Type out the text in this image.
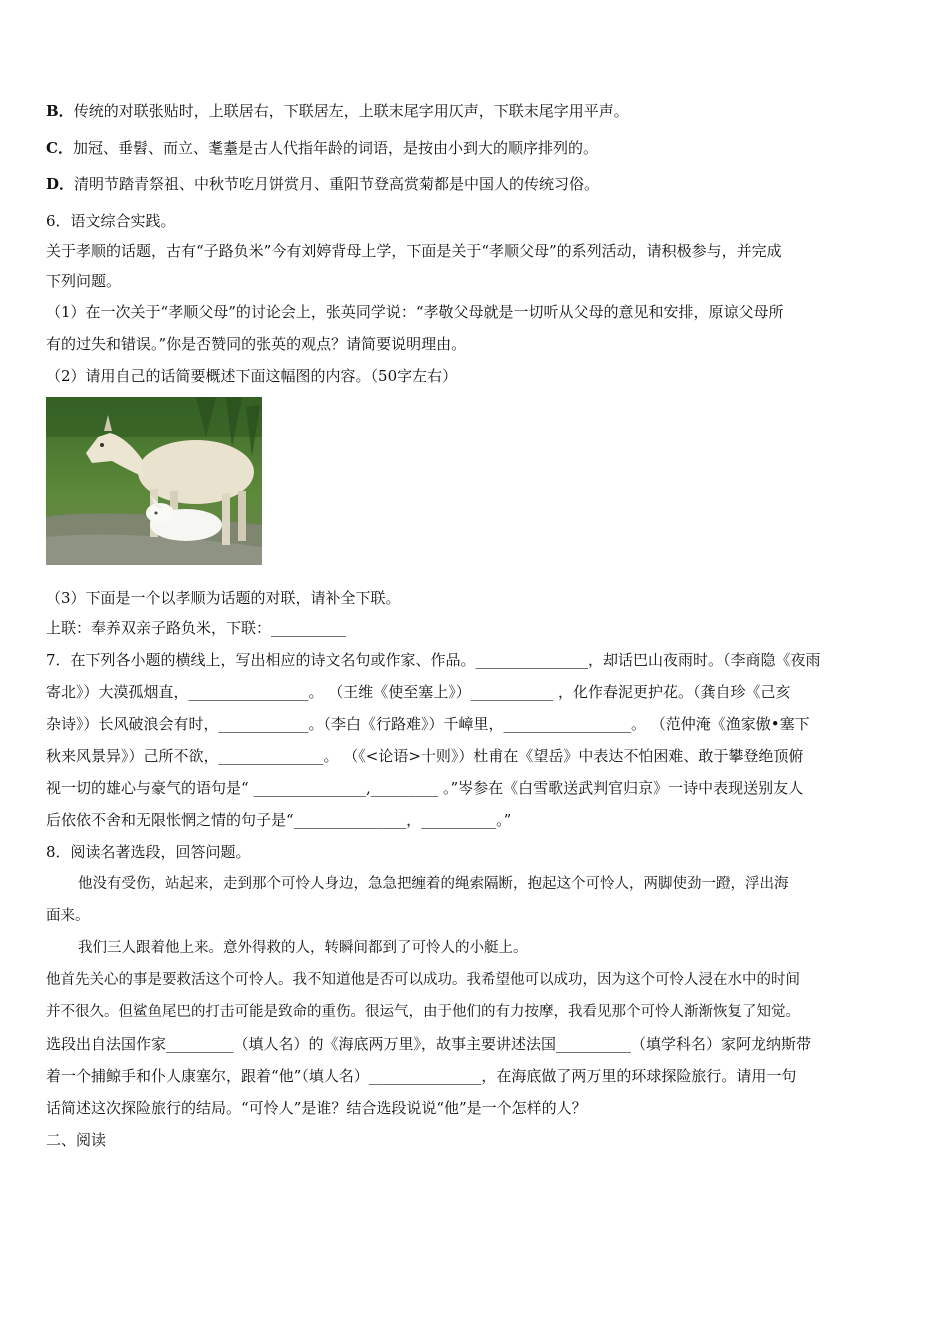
B．传统的对联张贴时，上联居右，下联居左，上联末尾字用仄声，下联末尾字用平声。

C．加冠、垂髫、而立、耄耋是古人代指年龄的词语，是按由小到大的顺序排列的。

D．清明节踏青祭祖、中秋节吃月饼赏月、重阳节登高赏菊都是中国人的传统习俗。

6．语文综合实践。

关于孝顺的话题，古有“子路负米”今有刘婷背母上学，下面是关于“孝顺父母”的系列活动，请积极参与，并完成

下列问题。

（1）在一次关于“孝顺父母”的讨论会上，张英同学说：“孝敬父母就是一切听从父母的意见和安排，原谅父母所

有的过失和错误。”你是否赞同的张英的观点？请简要说明理由。

（2）请用自己的话简要概述下面这幅图的内容。（50字左右）

（3）下面是一个以孝顺为话题的对联，请补全下联。

上联：奉养双亲子路负米，下联：__________

7．在下列各小题的横线上，写出相应的诗文名句或作家、作品。_______________，却话巴山夜雨时。（李商隐《夜雨

寄北》）大漠孤烟直，________________。 （王维《使至塞上》）___________ ，化作春泥更护花。（龚自珍《己亥

杂诗》）长风破浪会有时，____________。（李白《行路难》）千嶂里，_________________。 （范仲淹《渔家傲•塞下

秋来风景异》）己所不欲，______________。 （《<论语>十则》）杜甫在《望岳》中表达不怕困难、敢于攀登绝顶俯

视一切的雄心与豪气的语句是“ _______________,_________ 。”岑参在《白雪歌送武判官归京》一诗中表现送别友人

后依依不舍和无限怅惘之情的句子是“_______________，__________。”

8．阅读名著选段，回答问题。

他没有受伤，站起来，走到那个可怜人身边，急急把缠着的绳索隔断，抱起这个可怜人，两脚使劲一蹬，浮出海

面来。

我们三人跟着他上来。意外得救的人，转瞬间都到了可怜人的小艇上。

他首先关心的事是要救活这个可怜人。我不知道他是否可以成功。我希望他可以成功，因为这个可怜人浸在水中的时间

并不很久。但鲨鱼尾巴的打击可能是致命的重伤。很运气，由于他们的有力按摩，我看见那个可怜人渐渐恢复了知觉。

选段出自法国作家_________（填人名）的《海底两万里》，故事主要讲述法国__________（填学科名）家阿龙纳斯带

着一个捕鲸手和仆人康塞尔，跟着“他”（填人名）_______________，在海底做了两万里的环球探险旅行。请用一句

话简述这次探险旅行的结局。“可怜人”是谁？结合选段说说“他”是一个怎样的人？

二、阅读
